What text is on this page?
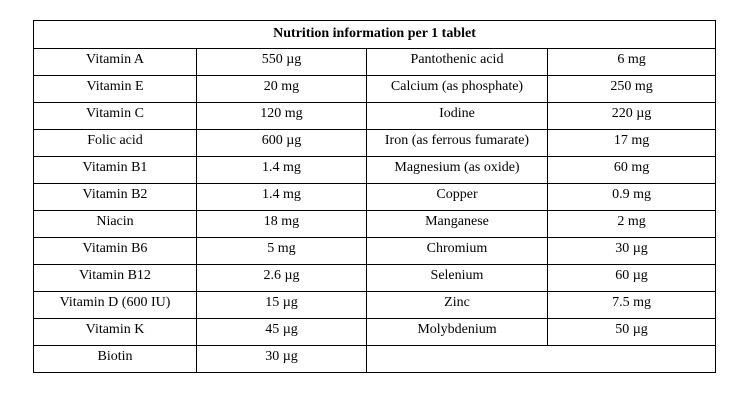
Nutrition information per 1 tablet			
Vitamin A	550 µg	Pantothenic acid	6 mg
Vitamin E	20 mg	Calcium (as phosphate)	250 mg
Vitamin C	120 mg	Iodine	220 µg
Folic acid	600 µg	Iron (as ferrous fumarate)	17 mg
Vitamin B1	1.4 mg	Magnesium (as oxide)	60 mg
Vitamin B2	1.4 mg	Copper	0.9 mg
Niacin	18 mg	Manganese	2 mg
Vitamin B6	5 mg	Chromium	30 µg
Vitamin B12	2.6 µg	Selenium	60 µg
Vitamin D (600 IU)	15 µg	Zinc	7.5 mg
Vitamin K	45 µg	Molybdenium	50 µg
Biotin	30 µg		
